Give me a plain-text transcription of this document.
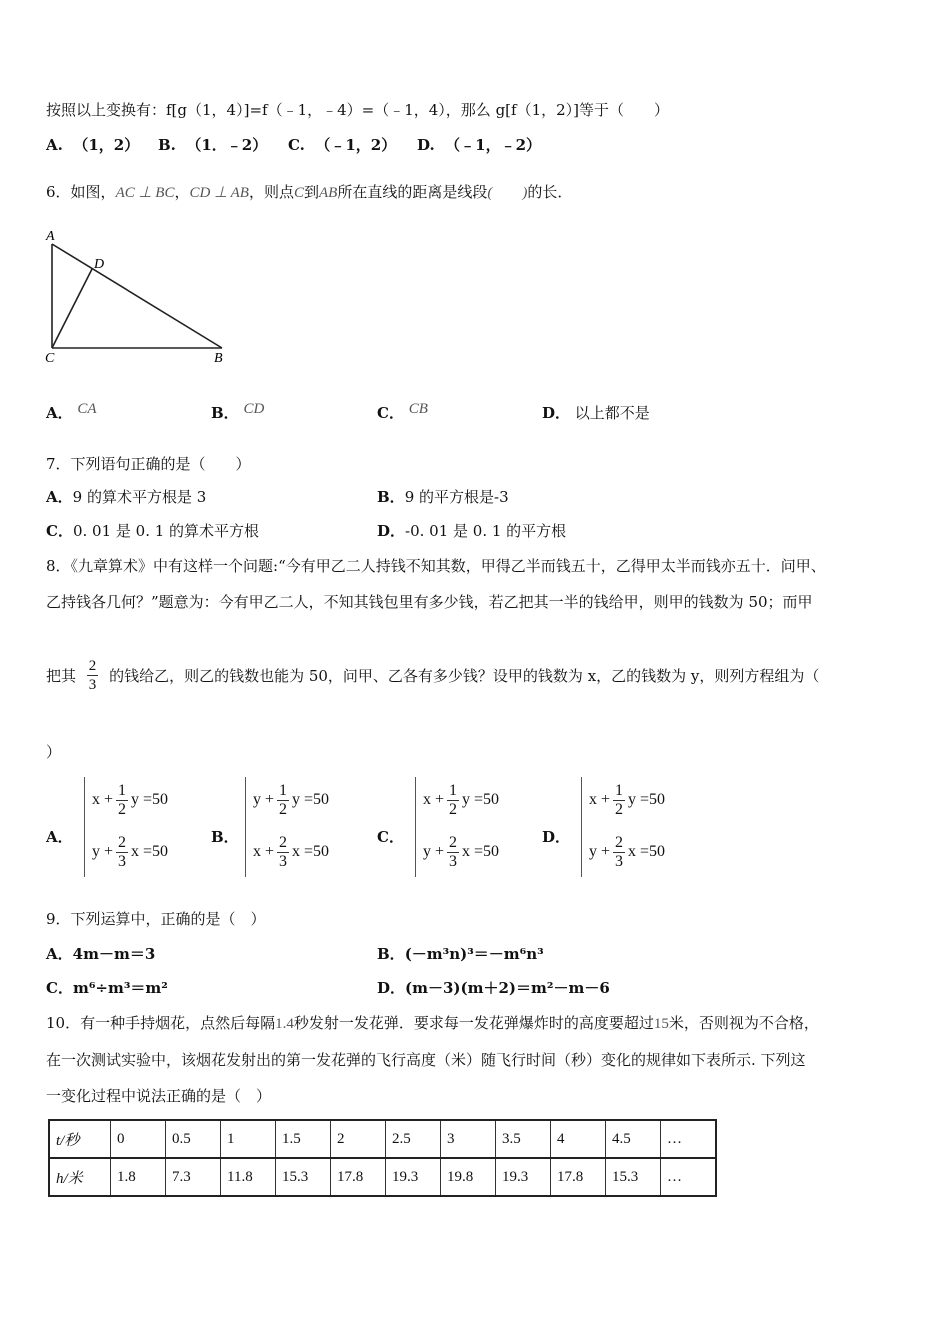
按照以上变换有：f[g（1，4）]=f（﹣1，﹣4）=（﹣1，4），那么 g[f（1，2）]等于（　　）
A. （1，2） B. （1．﹣2） C. （﹣1，2） D. （﹣1，﹣2）
6．如图，AC ⊥ BC，CD ⊥ AB，则点C到AB所在直线的距离是线段(　　)的长．
A
D
C	B
A． CA	B． CD	C． CB	D． 以上都不是
7．下列语句正确的是（　　）
A．9 的算术平方根是 3	B．9 的平方根是-3
C．0. 01 是 0. 1 的算术平方根	D．-0. 01 是 0. 1 的平方根
8．《九章算术》中有这样一个问题:“今有甲乙二人持钱不知其数，甲得乙半而钱五十，乙得甲太半而钱亦五十．问甲、
乙持钱各几何？”题意为：今有甲乙二人，不知其钱包里有多少钱，若乙把其一半的钱给甲，则甲的钱数为 50；而甲
把其 $\frac{2}{3}$ 的钱给乙，则乙的钱数也能为 50，问甲、乙各有多少钱？设甲的钱数为 x，乙的钱数为 y，则列方程组为（
）
A．
$x + \frac{1}{2}$ y =50
$y + \frac{2}{3}$ x =50
B．
$y + \frac{1}{2}$ y =50
$x + \frac{2}{3}$ x =50
C．
$x + \frac{1}{2}$ y =50
$y + \frac{2}{3}$ x =50
D．
$x + \frac{1}{2}$ y =50
$y + \frac{2}{3}$ x =50
9．下列运算中，正确的是（　）
A．4m－m＝3	B．(－m³n)³＝－m⁶n³
C．m⁶÷m³＝m²	D．(m－3)(m＋2)＝m²－m－6
10．有一种手持烟花，点然后每隔1.4秒发射一发花弹．要求每一发花弹爆炸时的高度要超过15米，否则视为不合格，
在一次测试实验中，该烟花发射出的第一发花弹的飞行高度（米）随飞行时间（秒）变化的规律如下表所示. 下列这
一变化过程中说法正确的是（　）
t/秒	0	0.5	1	1.5	2	2.5	3	3.5	4	4.5	…
h/米	1.8	7.3	11.8	15.3	17.8	19.3	19.8	19.3	17.8	15.3	…
